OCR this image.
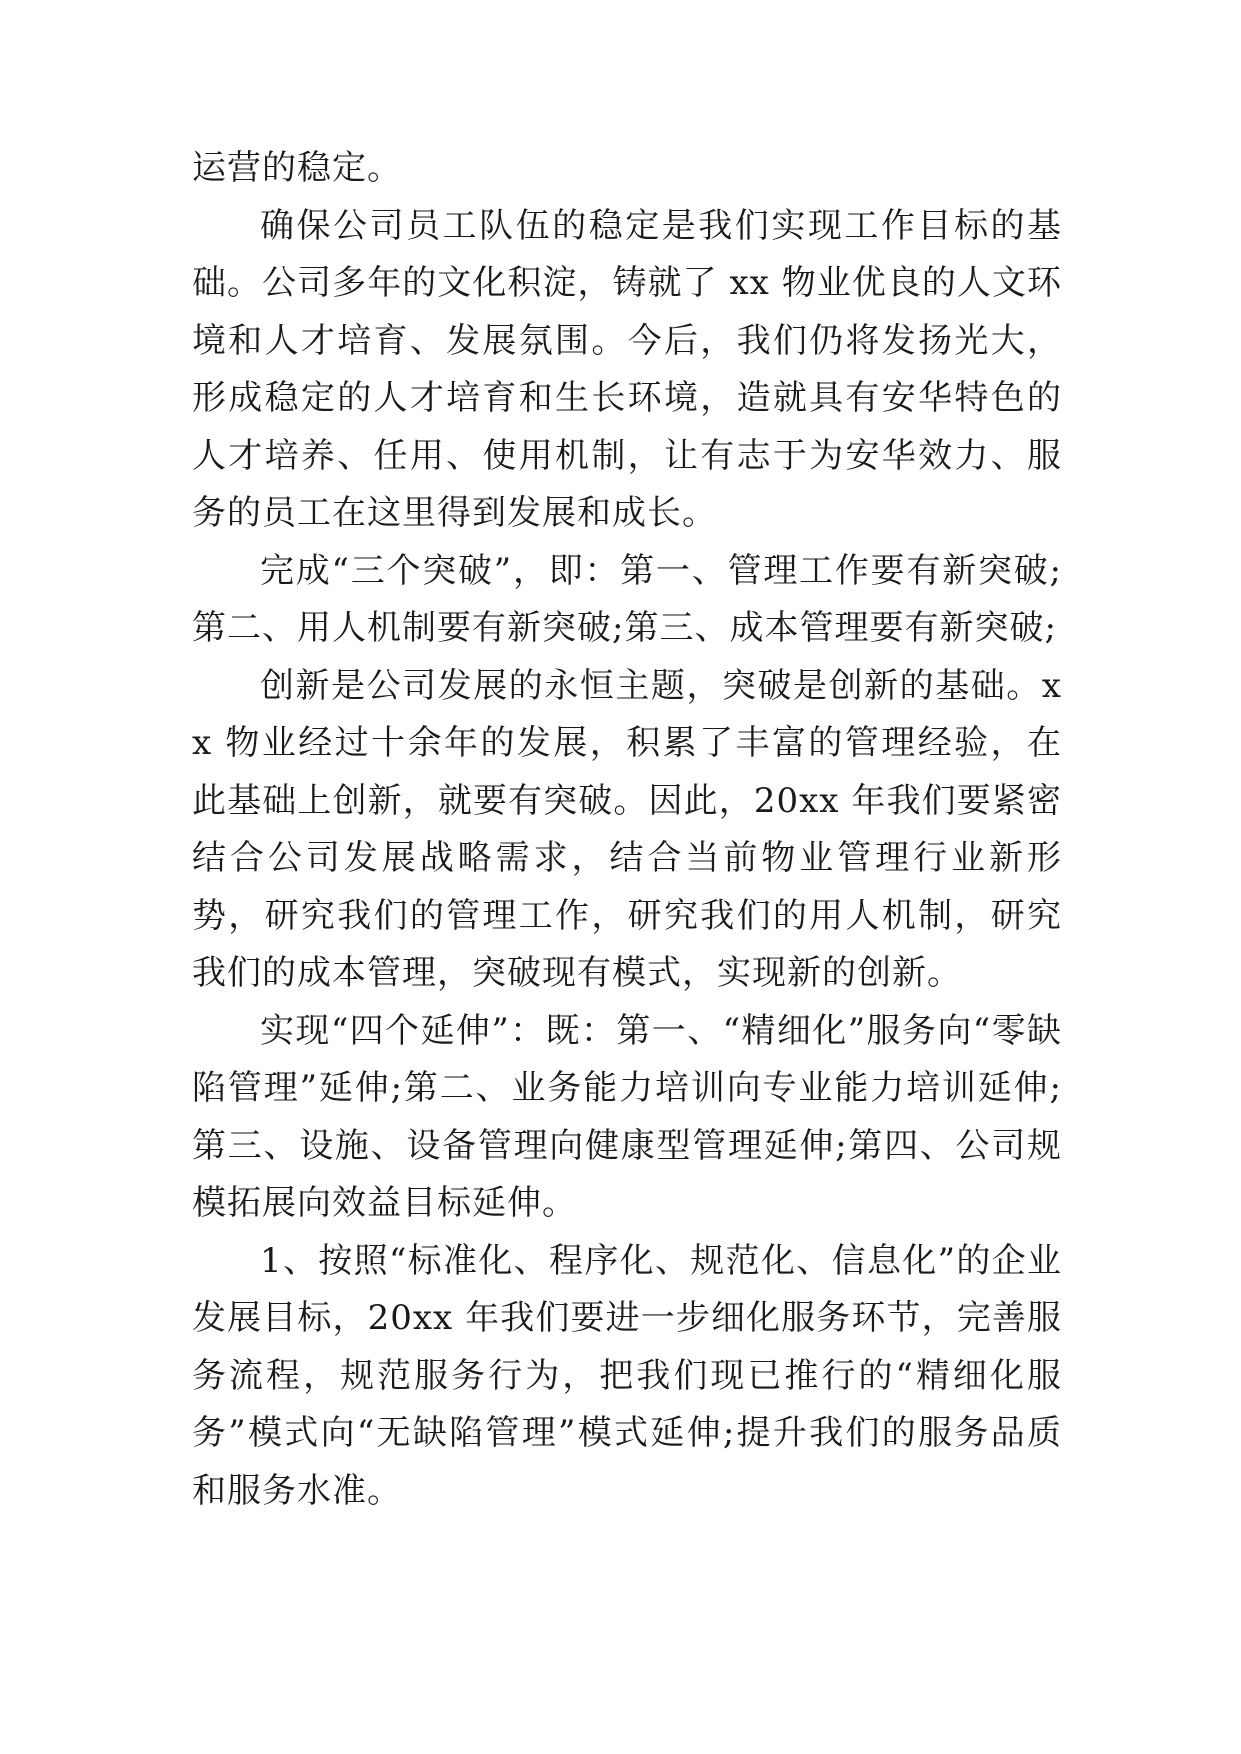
运营的稳定。

确保公司员工队伍的稳定是我们实现工作目标的基础。公司多年的文化积淀，铸就了 xx 物业优良的人文环境和人才培育、发展氛围。今后，我们仍将发扬光大，形成稳定的人才培育和生长环境，造就具有安华特色的人才培养、任用、使用机制，让有志于为安华效力、服务的员工在这里得到发展和成长。

完成“三个突破”，即：第一、管理工作要有新突破;第二、用人机制要有新突破;第三、成本管理要有新突破;

创新是公司发展的永恒主题，突破是创新的基础。xx 物业经过十余年的发展，积累了丰富的管理经验，在此基础上创新，就要有突破。因此，20xx 年我们要紧密结合公司发展战略需求，结合当前物业管理行业新形势，研究我们的管理工作，研究我们的用人机制，研究我们的成本管理，突破现有模式，实现新的创新。

实现“四个延伸”：既：第一、“精细化”服务向“零缺陷管理”延伸;第二、业务能力培训向专业能力培训延伸;第三、设施、设备管理向健康型管理延伸;第四、公司规模拓展向效益目标延伸。

1、按照“标准化、程序化、规范化、信息化”的企业发展目标，20xx 年我们要进一步细化服务环节，完善服务流程，规范服务行为，把我们现已推行的“精细化服务”模式向“无缺陷管理”模式延伸;提升我们的服务品质和服务水准。
